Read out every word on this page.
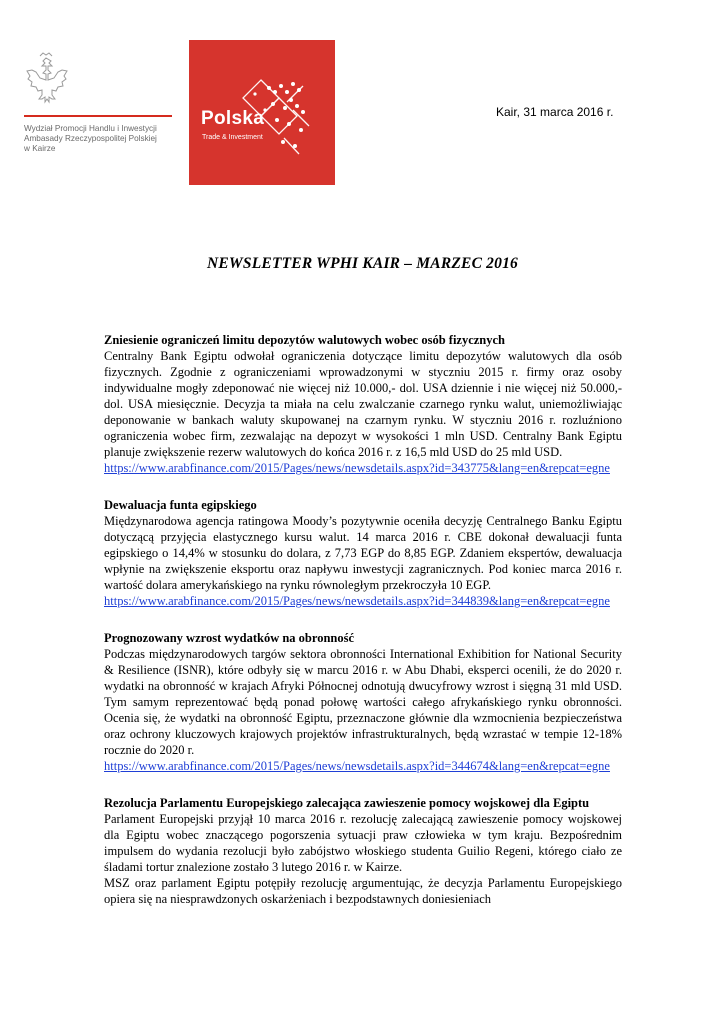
Wydział Promocji Handlu i Inwestycji
Ambasady Rzeczypospolitej Polskiej
w Kairze
Polska
Trade & Investment
Kair, 31 marca 2016 r.
NEWSLETTER WPHI KAIR – MARZEC 2016
Zniesienie ograniczeń limitu depozytów walutowych wobec osób fizycznych

Centralny Bank Egiptu odwołał ograniczenia dotyczące limitu depozytów walutowych dla osób fizycznych. Zgodnie z ograniczeniami wprowadzonymi w styczniu 2015 r. firmy oraz osoby indywidualne mogły zdeponować nie więcej niż 10.000,- dol. USA dziennie i nie więcej niż 50.000,- dol. USA miesięcznie. Decyzja ta miała na celu zwalczanie czarnego rynku walut, uniemożliwiając deponowanie w bankach waluty skupowanej na czarnym rynku. W styczniu 2016 r. rozluźniono ograniczenia wobec firm, zezwalając na depozyt w wysokości 1 mln USD. Centralny Bank Egiptu planuje zwiększenie rezerw walutowych do końca 2016 r. z 16,5 mld USD do 25 mld USD.

https://www.arabfinance.com/2015/Pages/news/newsdetails.aspx?id=343775&lang=en&repcat=egne
Dewaluacja funta egipskiego

Międzynarodowa agencja ratingowa Moody’s pozytywnie oceniła decyzję Centralnego Banku Egiptu dotyczącą przyjęcia elastycznego kursu walut. 14 marca 2016 r. CBE dokonał dewaluacji funta egipskiego o 14,4% w stosunku do dolara, z 7,73 EGP do 8,85 EGP. Zdaniem ekspertów, dewaluacja wpłynie na zwiększenie eksportu oraz napływu inwestycji zagranicznych. Pod koniec marca 2016 r. wartość dolara amerykańskiego na rynku równoległym przekroczyła 10 EGP.

https://www.arabfinance.com/2015/Pages/news/newsdetails.aspx?id=344839&lang=en&repcat=egne
Prognozowany wzrost wydatków na obronność

Podczas międzynarodowych targów sektora obronności International Exhibition for National Security & Resilience (ISNR), które odbyły się w marcu 2016 r. w Abu Dhabi, eksperci ocenili, że do 2020 r. wydatki na obronność w krajach Afryki Północnej odnotują dwucyfrowy wzrost i sięgną 31 mld USD. Tym samym reprezentować będą ponad połowę wartości całego afrykańskiego rynku obronności. Ocenia się, że wydatki na obronność Egiptu, przeznaczone głównie dla wzmocnienia bezpieczeństwa oraz ochrony kluczowych krajowych projektów infrastrukturalnych, będą wzrastać w tempie 12-18% rocznie do 2020 r.

https://www.arabfinance.com/2015/Pages/news/newsdetails.aspx?id=344674&lang=en&repcat=egne
Rezolucja Parlamentu Europejskiego zalecająca zawieszenie pomocy wojskowej dla Egiptu

Parlament Europejski przyjął 10 marca 2016 r. rezolucję zalecającą zawieszenie pomocy wojskowej dla Egiptu wobec znaczącego pogorszenia sytuacji praw człowieka w tym kraju. Bezpośrednim impulsem do wydania rezolucji było zabójstwo włoskiego studenta Guilio Regeni, którego ciało ze śladami tortur znalezione zostało 3 lutego 2016 r. w Kairze.

MSZ oraz parlament Egiptu potępiły rezolucję argumentując, że decyzja Parlamentu Europejskiego opiera się na niesprawdzonych oskarżeniach i bezpodstawnych doniesieniach
